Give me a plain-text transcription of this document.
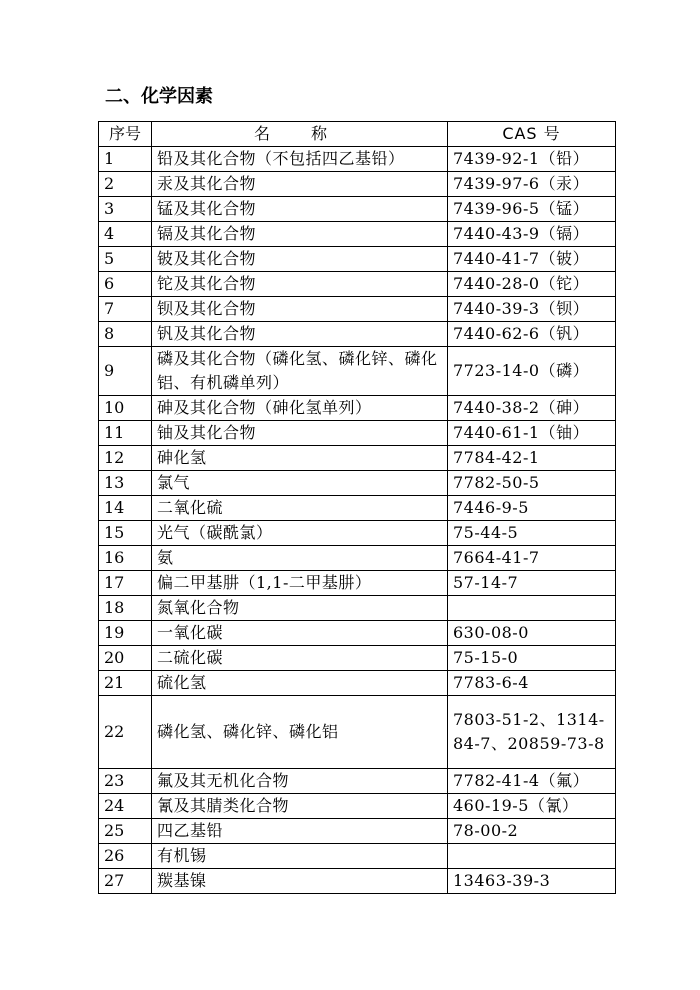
二、化学因素
序号	名 称	CAS 号
1	铅及其化合物（不包括四乙基铅）	7439-92-1（铅）
2	汞及其化合物	7439-97-6（汞）
3	锰及其化合物	7439-96-5（锰）
4	镉及其化合物	7440-43-9（镉）
5	铍及其化合物	7440-41-7（铍）
6	铊及其化合物	7440-28-0（铊）
7	钡及其化合物	7440-39-3（钡）
8	钒及其化合物	7440-62-6（钒）
9	磷及其化合物（磷化氢、磷化锌、磷化铝、有机磷单列）	7723-14-0（磷）
10	砷及其化合物（砷化氢单列）	7440-38-2（砷）
11	铀及其化合物	7440-61-1（铀）
12	砷化氢	7784-42-1
13	氯气	7782-50-5
14	二氧化硫	7446-9-5
15	光气（碳酰氯）	75-44-5
16	氨	7664-41-7
17	偏二甲基肼（1,1-二甲基肼）	57-14-7
18	氮氧化合物	
19	一氧化碳	630-08-0
20	二硫化碳	75-15-0
21	硫化氢	7783-6-4
22	磷化氢、磷化锌、磷化铝	7803-51-2、1314-84-7、20859-73-8
23	氟及其无机化合物	7782-41-4（氟）
24	氰及其腈类化合物	460-19-5（氰）
25	四乙基铅	78-00-2
26	有机锡	
27	羰基镍	13463-39-3
